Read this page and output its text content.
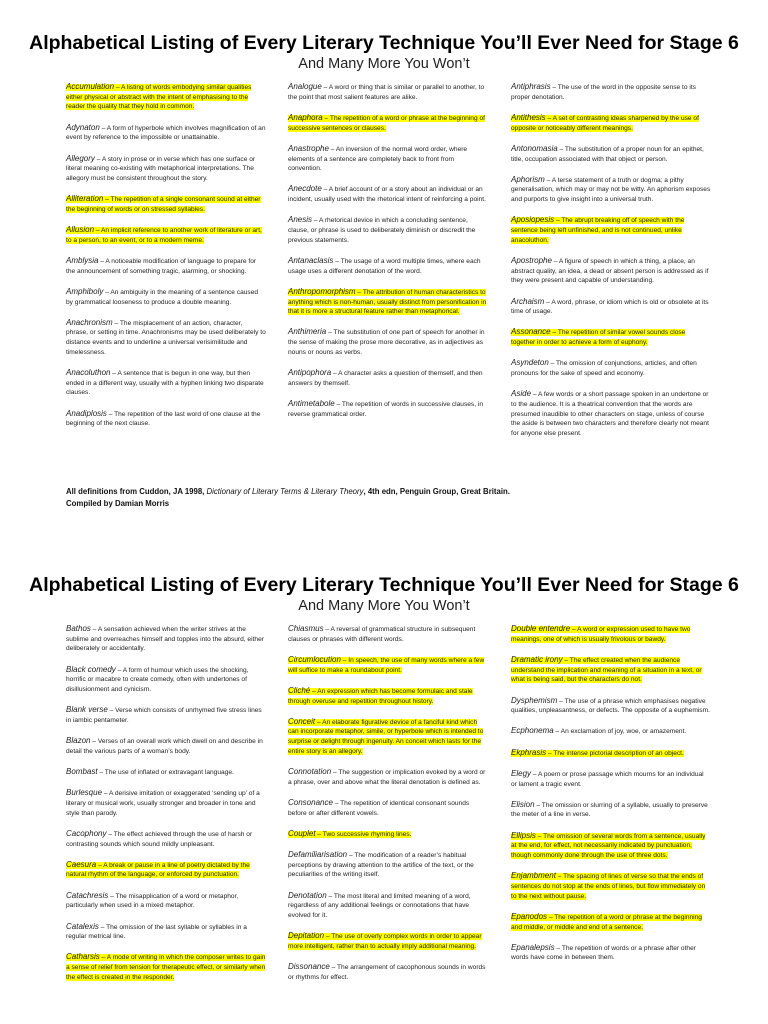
Alphabetical Listing of Every Literary Technique You’ll Ever Need for Stage 6
And Many More You Won’t

Accumulation – A listing of words embodying similar qualities either physical or abstract with the intent of emphasising to the reader the quality that they hold in common.

Adynaton – A form of hyperbole which involves magnification of an event by reference to the impossible or unattainable.

Allegory – A story in prose or in verse which has one surface or literal meaning co-existing with metaphorical interpretations. The allegory must be consistent throughout the story.

Alliteration – The repetition of a single consonant sound at either the beginning of words or on stressed syllables.

Allusion – An implicit reference to another work of literature or art, to a person, to an event, or to a modern meme.

Amblysia – A noticeable modification of language to prepare for the announcement of something tragic, alarming, or shocking.

Amphiboly – An ambiguity in the meaning of a sentence caused by grammatical looseness to produce a double meaning.

Anachronism – The misplacement of an action, character, phrase, or setting in time. Anachronisms may be used deliberately to distance events and to underline a universal verisimilitude and timelessness.

Anacoluthon – A sentence that is begun in one way, but then ended in a different way, usually with a hyphen linking two disparate clauses.

Anadiplosis – The repetition of the last word of one clause at the beginning of the next clause.

Analogue – A word or thing that is similar or parallel to another, to the point that most salient features are alike.

Anaphora – The repetition of a word or phrase at the beginning of successive sentences or clauses.

Anastrophe – An inversion of the normal word order, where elements of a sentence are completely back to front from convention.

Anecdote – A brief account of or a story about an individual or an incident, usually used with the rhetorical intent of reinforcing a point.

Anesis – A rhetorical device in which a concluding sentence, clause, or phrase is used to deliberately diminish or discredit the previous statements.

Antanaclasis – The usage of a word multiple times, where each usage uses a different denotation of the word.

Anthropomorphism – The attribution of human characteristics to anything which is non-human, usually distinct from personification in that it is more a structural feature rather than metaphorical.

Anthimeria – The substitution of one part of speech for another in the sense of making the prose more decorative, as in adjectives as nouns or nouns as verbs.

Antipophora – A character asks a question of themself, and then answers by themself.

Antimetabole – The repetition of words in successive clauses, in reverse grammatical order.

Antiphrasis – The use of the word in the opposite sense to its proper denotation.

Antithesis – A set of contrasting ideas sharpened by the use of opposite or noticeably different meanings.

Antonomasia – The substitution of a proper noun for an epithet, title, occupation associated with that object or person.

Aphorism – A terse statement of a truth or dogma; a pithy generalisation, which may or may not be witty. An aphorism exposes and purports to give insight into a universal truth.

Aposiopesis – The abrupt breaking off of speech with the sentence being left unfinished, and is not continued, unlike anacoluthon.

Apostrophe – A figure of speech in which a thing, a place, an abstract quality, an idea, a dead or absent person is addressed as if they were present and capable of understanding.

Archaism – A word, phrase, or idiom which is old or obsolete at its time of usage.

Assonance – The repetition of similar vowel sounds close together in order to achieve a form of euphony.

Asyndeton – The omission of conjunctions, articles, and often pronouns for the sake of speed and economy.

Aside – A few words or a short passage spoken in an undertone or to the audience. It is a theatrical convention that the words are presumed inaudible to other characters on stage, unless of course the aside is between two characters and therefore clearly not meant for anyone else present.

All definitions from Cuddon, JA 1998, Dictionary of Literary Terms & Literary Theory, 4th edn, Penguin Group, Great Britain.
Compiled by Damian Morris
Alphabetical Listing of Every Literary Technique You’ll Ever Need for Stage 6
And Many More You Won’t

Bathos – A sensation achieved when the writer strives at the sublime and overreaches himself and topples into the absurd, either deliberately or accidentally.

Black comedy – A form of humour which uses the shocking, horrific or macabre to create comedy, often with undertones of disillusionment and cynicism.

Blank verse – Verse which consists of unrhymed five stress lines in iambic pentameter.

Blazon – Verses of an overall work which dwell on and describe in detail the various parts of a woman’s body.

Bombast – The use of inflated or extravagant language.

Burlesque – A derisive imitation or exaggerated ‘sending up’ of a literary or musical work, usually stronger and broader in tone and style than parody.

Cacophony – The effect achieved through the use of harsh or contrasting sounds which sound mildly unpleasant.

Caesura – A break or pause in a line of poetry dictated by the natural rhythm of the language, or enforced by punctuation.

Catachresis – The misapplication of a word or metaphor, particularly when used in a mixed metaphor.

Catalexis – The omission of the last syllable or syllables in a regular metrical line.

Catharsis – A mode of writing in which the composer writes to gain a sense of relief from tension for therapeutic effect, or similarly when the effect is created in the responder.

Chiasmus – A reversal of grammatical structure in subsequent clauses or phrases with different words.

Circumlocution – In speech, the use of many words where a few will suffice to make a roundabout point.

Cliché – An expression which has become formulaic and stale through overuse and repetition throughout history.

Conceit – An elaborate figurative device of a fanciful kind which can incorporate metaphor, simile, or hyperbole which is intended to surprise or delight through ingenuity. An conceit which lasts for the entire story is an allegory.

Connotation – The suggestion or implication evoked by a word or a phrase, over and above what the literal denotation is defined as.

Consonance – The repetition of identical consonant sounds before or after different vowels.

Couplet – Two successive rhyming lines.

Defamiliarisation – The modification of a reader’s habitual perceptions by drawing attention to the artifice of the text, or the peculiarities of the writing itself.

Denotation – The most literal and limited meaning of a word, regardless of any additional feelings or connotations that have evolved for it.

Depitation – The use of overly complex words in order to appear more intelligent, rather than to actually imply additional meaning.

Dissonance – The arrangement of cacophonous sounds in words or rhythms for effect.

Double entendre – A word or expression used to have two meanings, one of which is usually frivolous or bawdy.

Dramatic irony – The effect created when the audience understand the implication and meaning of a situation in a text, or what is being said, but the characters do not.

Dysphemism – The use of a phrase which emphasises negative qualities, unpleasantness, or defects. The opposite of a euphemism.

Ecphonema – An exclamation of joy, woe, or amazement.

Ekphrasis – The intense pictorial description of an object.

Elegy – A poem or prose passage which mourns for an individual or lament a tragic event.

Elision – The omission or slurring of a syllable, usually to preserve the meter of a line in verse.

Ellipsis – The omission of several words from a sentence, usually at the end, for effect, not necessarily indicated by punctuation, though commonly done through the use of three dots.

Enjambment – The spacing of lines of verse so that the ends of sentences do not stop at the ends of lines, but flow immediately on to the next without pause.

Epanodos – The repetition of a word or phrase at the beginning and middle, or middle and end of a sentence.

Epanalepsis – The repetition of words or a phrase after other words have come in between them.
